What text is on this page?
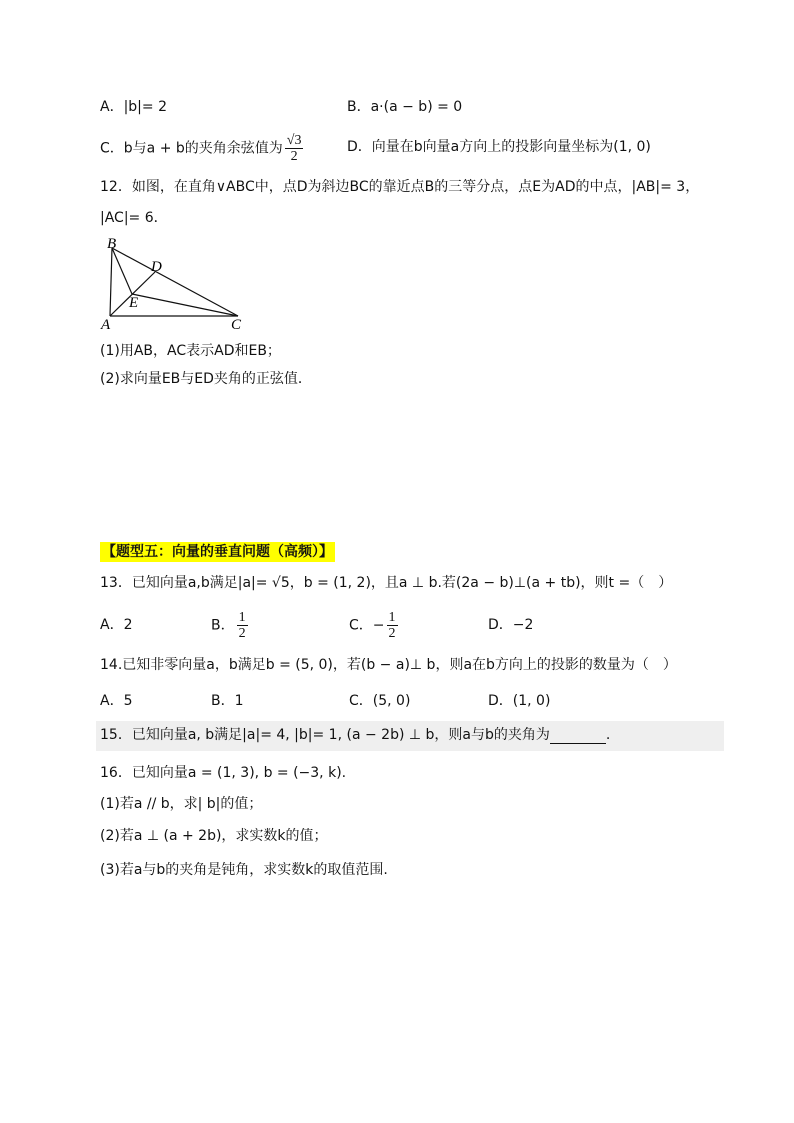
A．|b|= 2	B．a·(a − b) = 0
C．b与a + b的夹角余弦值为 $\frac{√3}{2}$	D．向量在b向量a方向上的投影向量坐标为(1, 0)
12．如图，在直角∨ABC中，点D为斜边BC的靠近点B的三等分点，点E为AD的中点，|AB|= 3，
|AC|= 6．
B
D
E
A	C
(1)用AB，AC表示AD和EB；
(2)求向量EB与ED夹角的正弦值．
【题型五：向量的垂直问题（高频）】
13．已知向量a,b满足|a|= √5，b = (1, 2)，且a ⊥ b.若(2a − b)⊥(a + tb)，则t =（　）
A．2	B． $\frac{1}{2}$	C．− $\frac{1}{2}$	D．−2
14.已知非零向量a，b满足b = (5, 0)，若(b − a)⊥ b，则a在b方向上的投影的数量为（　）
A．5	B．1	C．(5, 0)	D．(1, 0)
15．已知向量a, b满足|a|= 4, |b|= 1, (a − 2b) ⊥ b，则a与b的夹角为	.
16．已知向量a = (1, 3), b = (−3, k).
(1)若a // b，求| b|的值；
(2)若a ⊥ (a + 2b)，求实数k的值；
(3)若a与b的夹角是钝角，求实数k的取值范围.
